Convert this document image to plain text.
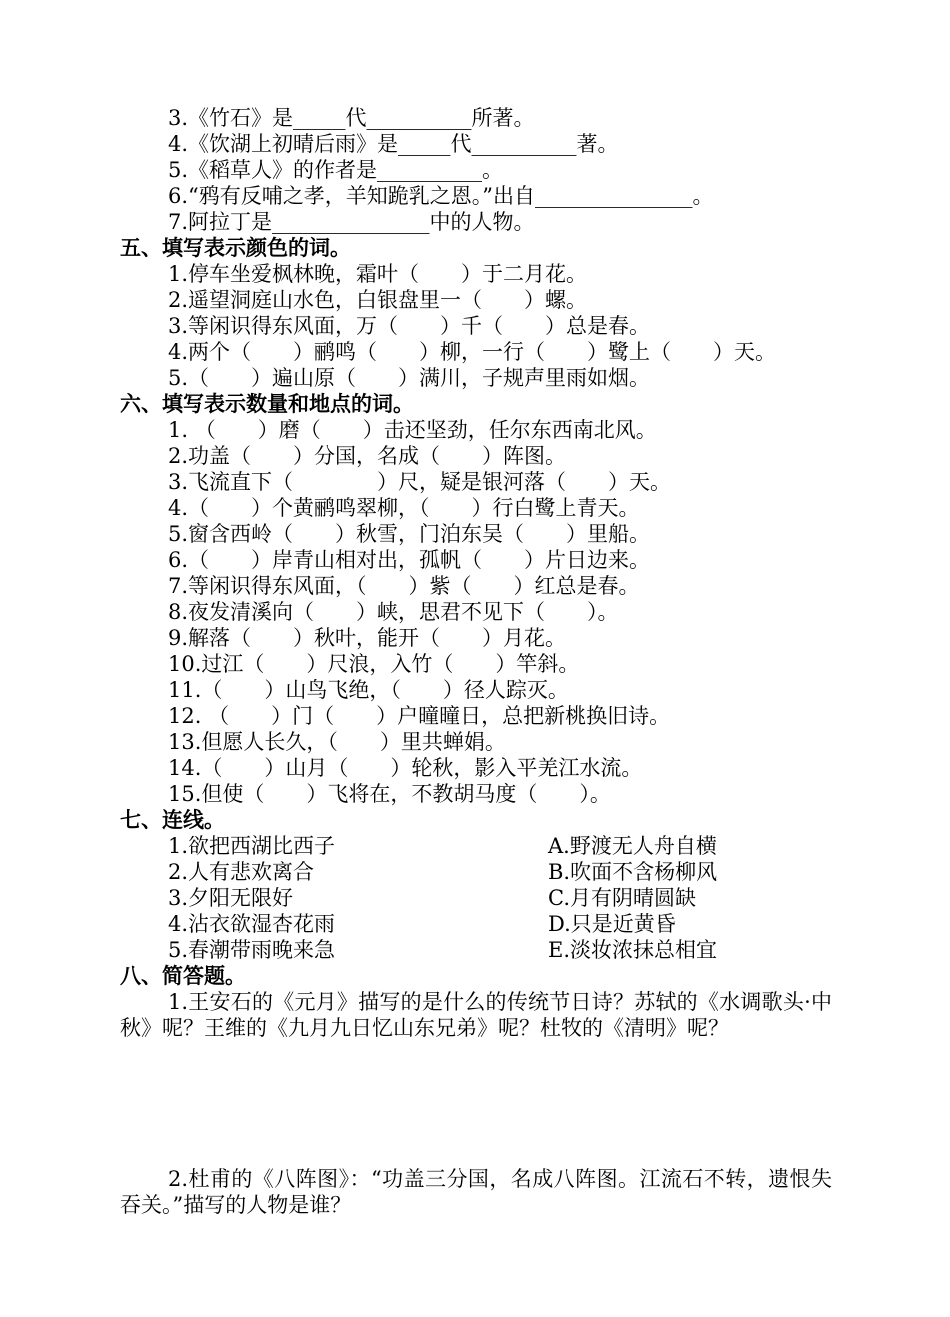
3.《竹石》是_____代__________所著。
4.《饮湖上初晴后雨》是_____代__________著。
5.《稻草人》的作者是__________。
6.“鸦有反哺之孝，羊知跪乳之恩。”出自_______________。
7.阿拉丁是_______________中的人物。
五、填写表示颜色的词。
1.停车坐爱枫林晚，霜叶（　　）于二月花。
2.遥望洞庭山水色，白银盘里一（　　）螺。
3.等闲识得东风面，万（　　）千（　　）总是春。
4.两个（　　）鹂鸣（　　）柳，一行（　　）鹭上（　　）天。
5.（　　）遍山原（　　）满川，子规声里雨如烟。
六、填写表示数量和地点的词。
1. （　　）磨（　　）击还坚劲，任尔东西南北风。
2.功盖（　　）分国，名成（　　）阵图。
3.飞流直下（　　　　）尺，疑是银河落（　　）天。
4.（　　）个黄鹂鸣翠柳，（　　）行白鹭上青天。
5.窗含西岭（　　）秋雪，门泊东吴（　　）里船。
6.（　　）岸青山相对出，孤帆（　　）片日边来。
7.等闲识得东风面，（　　）紫（　　）红总是春。
8.夜发清溪向（　　）峡，思君不见下（　　）。
9.解落（　　）秋叶，能开（　　）月花。
10.过江（　　）尺浪，入竹（　　）竿斜。
11.（　　）山鸟飞绝，（　　）径人踪灭。
12. （　　）门（　　）户曈曈日，总把新桃换旧诗。
13.但愿人长久，（　　）里共蝉娟。
14.（　　）山月（　　）轮秋，影入平羌江水流。
15.但使（　　）飞将在，不教胡马度（　　）。
七、连线。
1.欲把西湖比西子	A.野渡无人舟自横
2.人有悲欢离合	B.吹面不含杨柳风
3.夕阳无限好	C.月有阴晴圆缺
4.沾衣欲湿杏花雨	D.只是近黄昏
5.春潮带雨晚来急	E.淡妆浓抹总相宜
八、简答题。
1.王安石的《元月》描写的是什么的传统节日诗？苏轼的《水调歌头·中秋》呢？王维的《九月九日忆山东兄弟》呢？杜牧的《清明》呢？
2.杜甫的《八阵图》：“功盖三分国，名成八阵图。江流石不转，遗恨失吞关。”描写的人物是谁？
